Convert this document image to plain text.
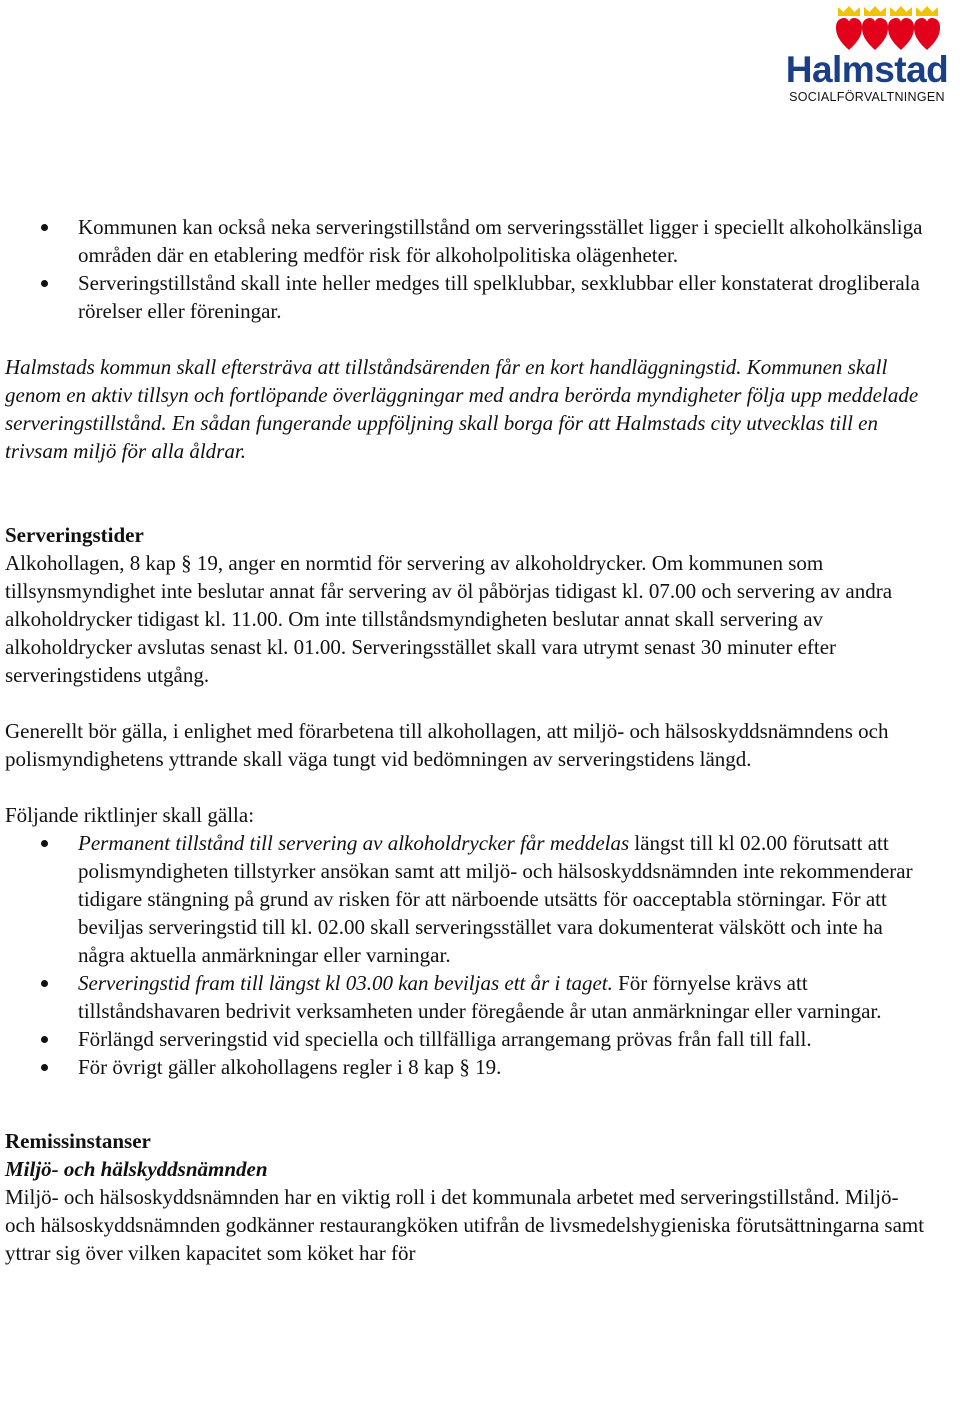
Halmstad
SOCIALFÖRVALTNINGEN
Kommunen kan också neka serveringstillstånd om serveringsstället ligger i speciellt alkoholkänsliga områden där en etablering medför risk för alkoholpolitiska olägenheter.
Serveringstillstånd skall inte heller medges till spelklubbar, sexklubbar eller konstaterat drogliberala rörelser eller föreningar.

Halmstads kommun skall eftersträva att tillståndsärenden får en kort handläggningstid. Kommunen skall genom en aktiv tillsyn och fortlöpande överläggningar med andra berörda myndigheter följa upp meddelade serveringstillstånd. En sådan fungerande uppföljning skall borga för att Halmstads city utvecklas till en trivsam miljö för alla åldrar.

Serveringstider

Alkohollagen, 8 kap § 19, anger en normtid för servering av alkoholdrycker. Om kommunen som tillsynsmyndighet inte beslutar annat får servering av öl påbörjas tidigast kl. 07.00 och servering av andra alkoholdrycker tidigast kl. 11.00. Om inte tillståndsmyndigheten beslutar annat skall servering av alkoholdrycker avslutas senast kl. 01.00. Serveringsstället skall vara utrymt senast 30 minuter efter serveringstidens utgång.

Generellt bör gälla, i enlighet med förarbetena till alkohollagen, att miljö- och hälsoskyddsnämndens och polismyndighetens yttrande skall väga tungt vid bedömningen av serveringstidens längd.

Följande riktlinjer skall gälla:

Permanent tillstånd till servering av alkoholdrycker får meddelas längst till kl 02.00 förutsatt att polismyndigheten tillstyrker ansökan samt att miljö- och hälsoskyddsnämnden inte rekommenderar tidigare stängning på grund av risken för att närboende utsätts för oacceptabla störningar. För att beviljas serveringstid till kl. 02.00 skall serveringsstället vara dokumenterat välskött och inte ha några aktuella anmärkningar eller varningar.
Serveringstid fram till längst kl 03.00 kan beviljas ett år i taget. För förnyelse krävs att tillståndshavaren bedrivit verksamheten under föregående år utan anmärkningar eller varningar.
Förlängd serveringstid vid speciella och tillfälliga arrangemang prövas från fall till fall.
För övrigt gäller alkohollagens regler i 8 kap § 19.

Remissinstanser

Miljö- och hälskyddsnämnden

Miljö- och hälsoskyddsnämnden har en viktig roll i det kommunala arbetet med serveringstillstånd. Miljö- och hälsoskyddsnämnden godkänner restaurangköken utifrån de livsmedelshygieniska förutsättningarna samt yttrar sig över vilken kapacitet som köket har för
